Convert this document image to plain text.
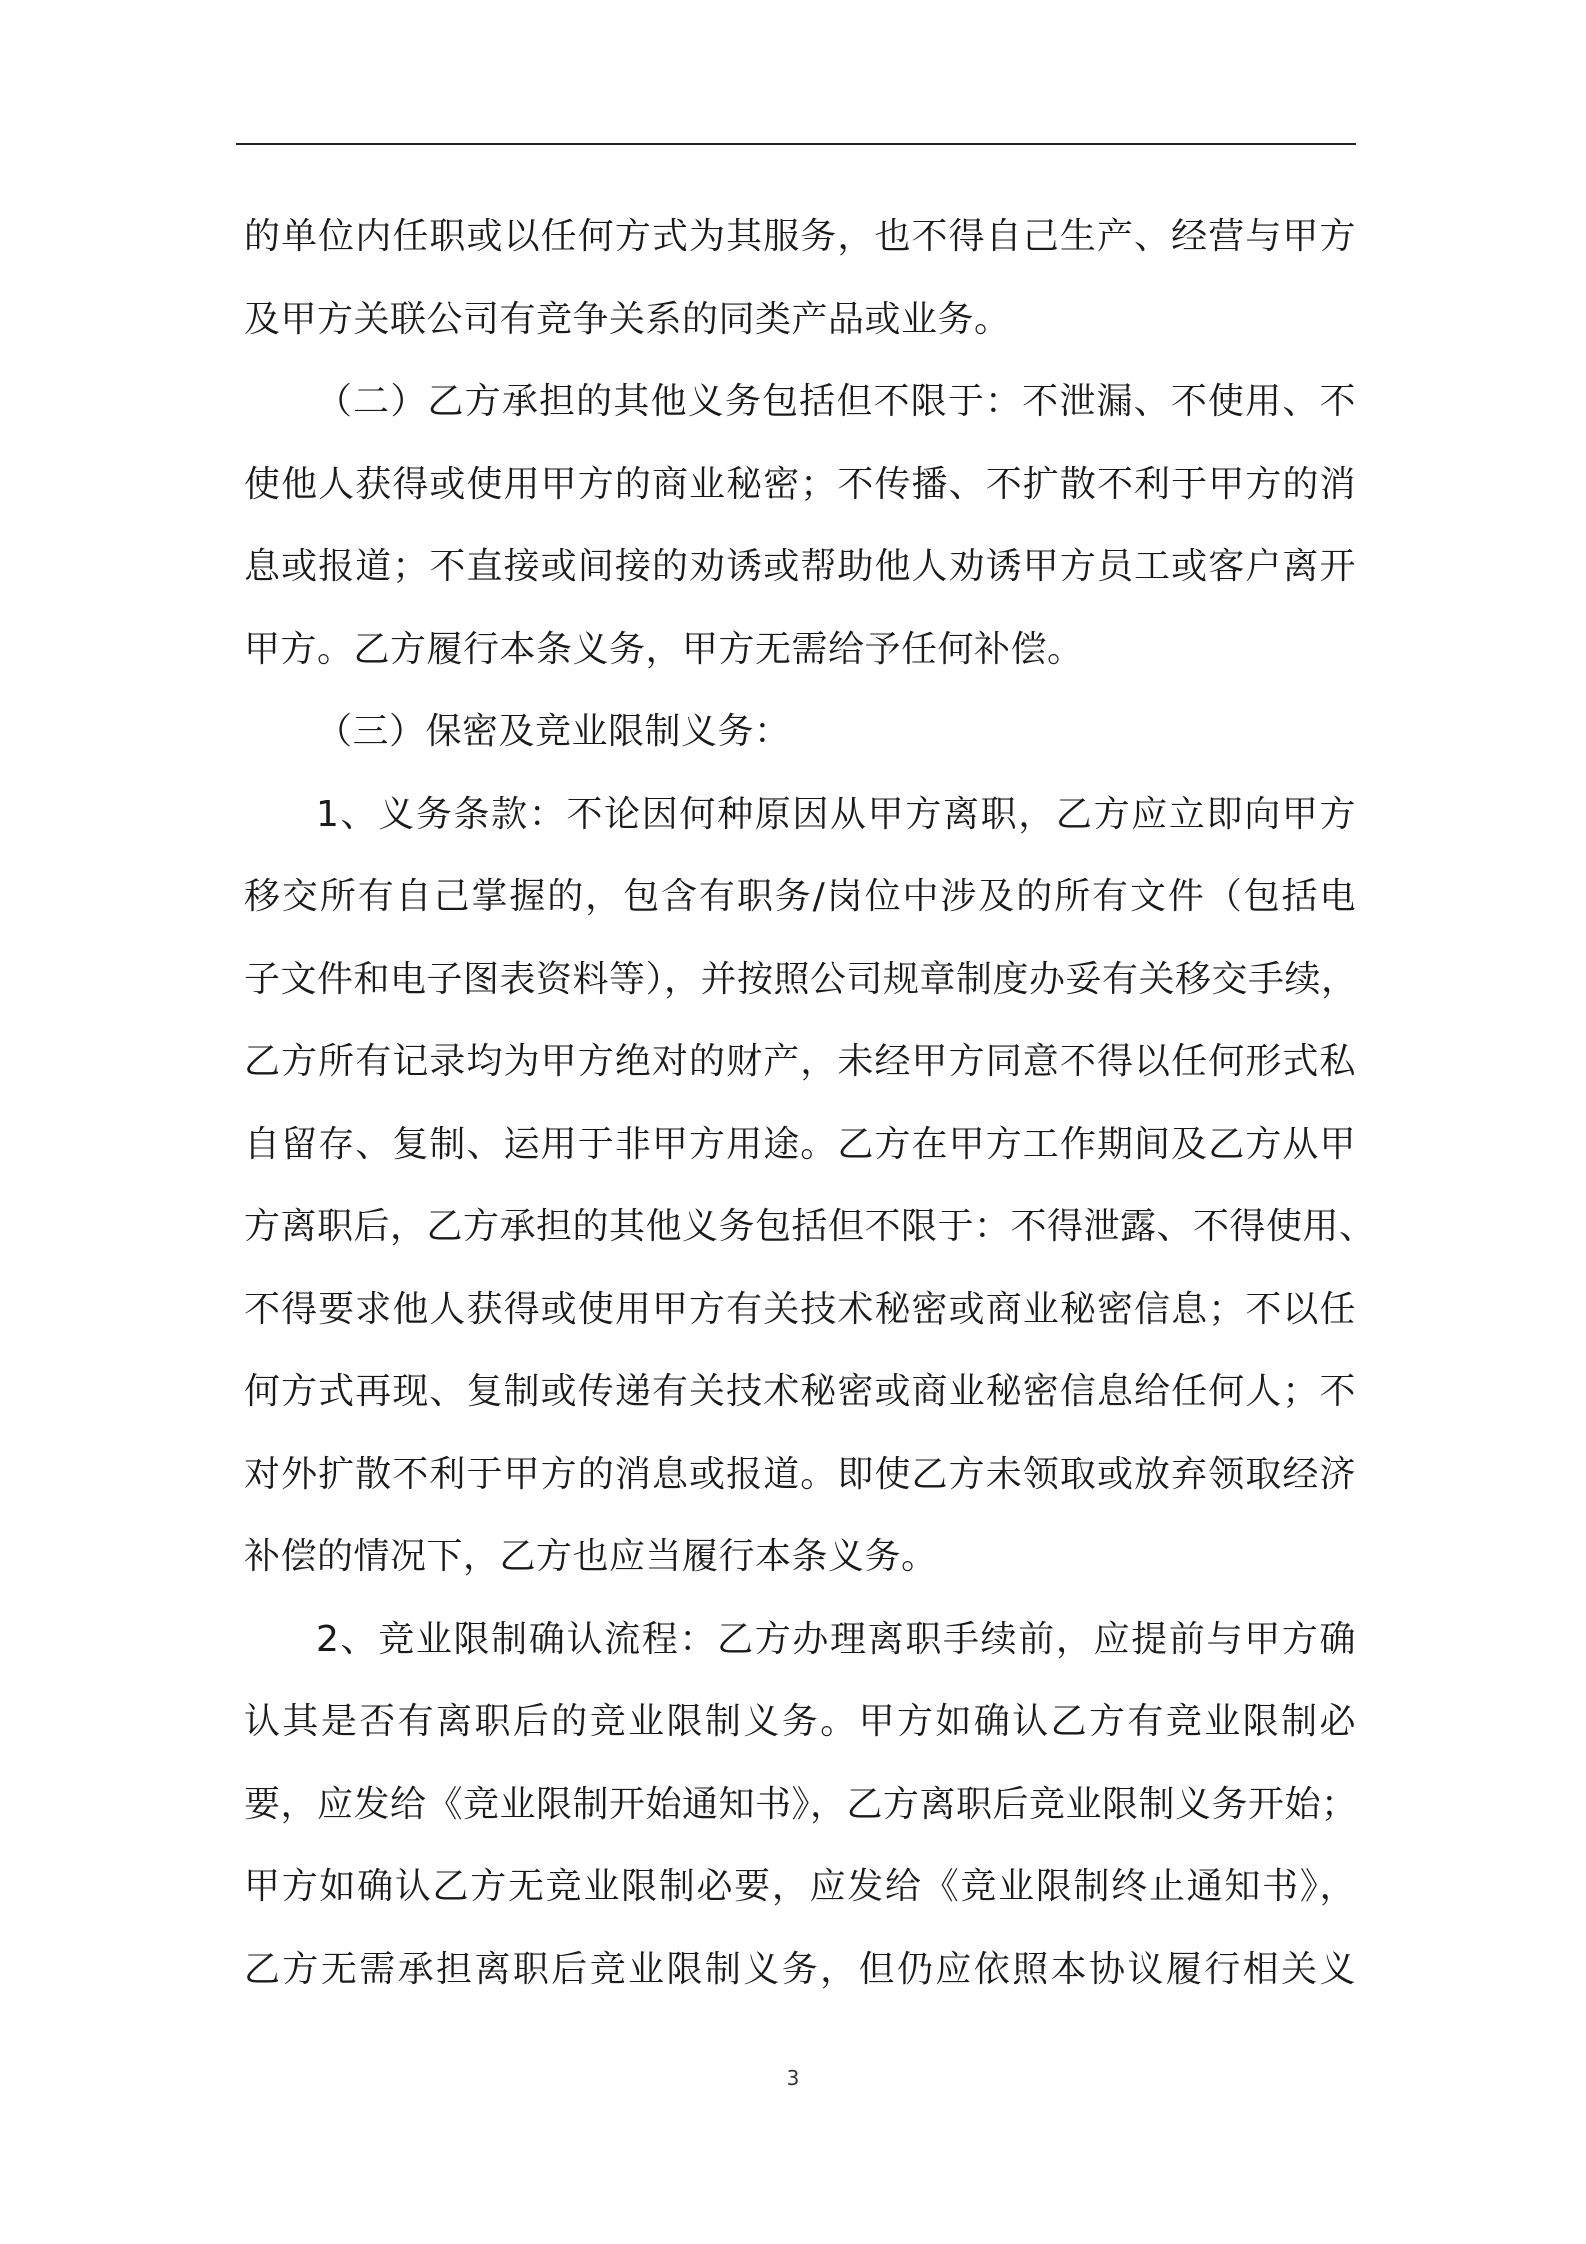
的单位内任职或以任何方式为其服务，也不得自己生产、经营与甲方
及甲方关联公司有竞争关系的同类产品或业务。
（二）乙方承担的其他义务包括但不限于：不泄漏、不使用、不
使他人获得或使用甲方的商业秘密；不传播、不扩散不利于甲方的消
息或报道；不直接或间接的劝诱或帮助他人劝诱甲方员工或客户离开
甲方。乙方履行本条义务，甲方无需给予任何补偿。
（三）保密及竞业限制义务：
1、义务条款：不论因何种原因从甲方离职，乙方应立即向甲方
移交所有自己掌握的，包含有职务/岗位中涉及的所有文件（包括电
子文件和电子图表资料等），并按照公司规章制度办妥有关移交手续，
乙方所有记录均为甲方绝对的财产，未经甲方同意不得以任何形式私
自留存、复制、运用于非甲方用途。乙方在甲方工作期间及乙方从甲
方离职后，乙方承担的其他义务包括但不限于：不得泄露、不得使用、
不得要求他人获得或使用甲方有关技术秘密或商业秘密信息；不以任
何方式再现、复制或传递有关技术秘密或商业秘密信息给任何人；不
对外扩散不利于甲方的消息或报道。即使乙方未领取或放弃领取经济
补偿的情况下，乙方也应当履行本条义务。
2、竞业限制确认流程：乙方办理离职手续前，应提前与甲方确
认其是否有离职后的竞业限制义务。甲方如确认乙方有竞业限制必
要，应发给《竞业限制开始通知书》，乙方离职后竞业限制义务开始；
甲方如确认乙方无竞业限制必要，应发给《竞业限制终止通知书》，
乙方无需承担离职后竞业限制义务，但仍应依照本协议履行相关义
3
